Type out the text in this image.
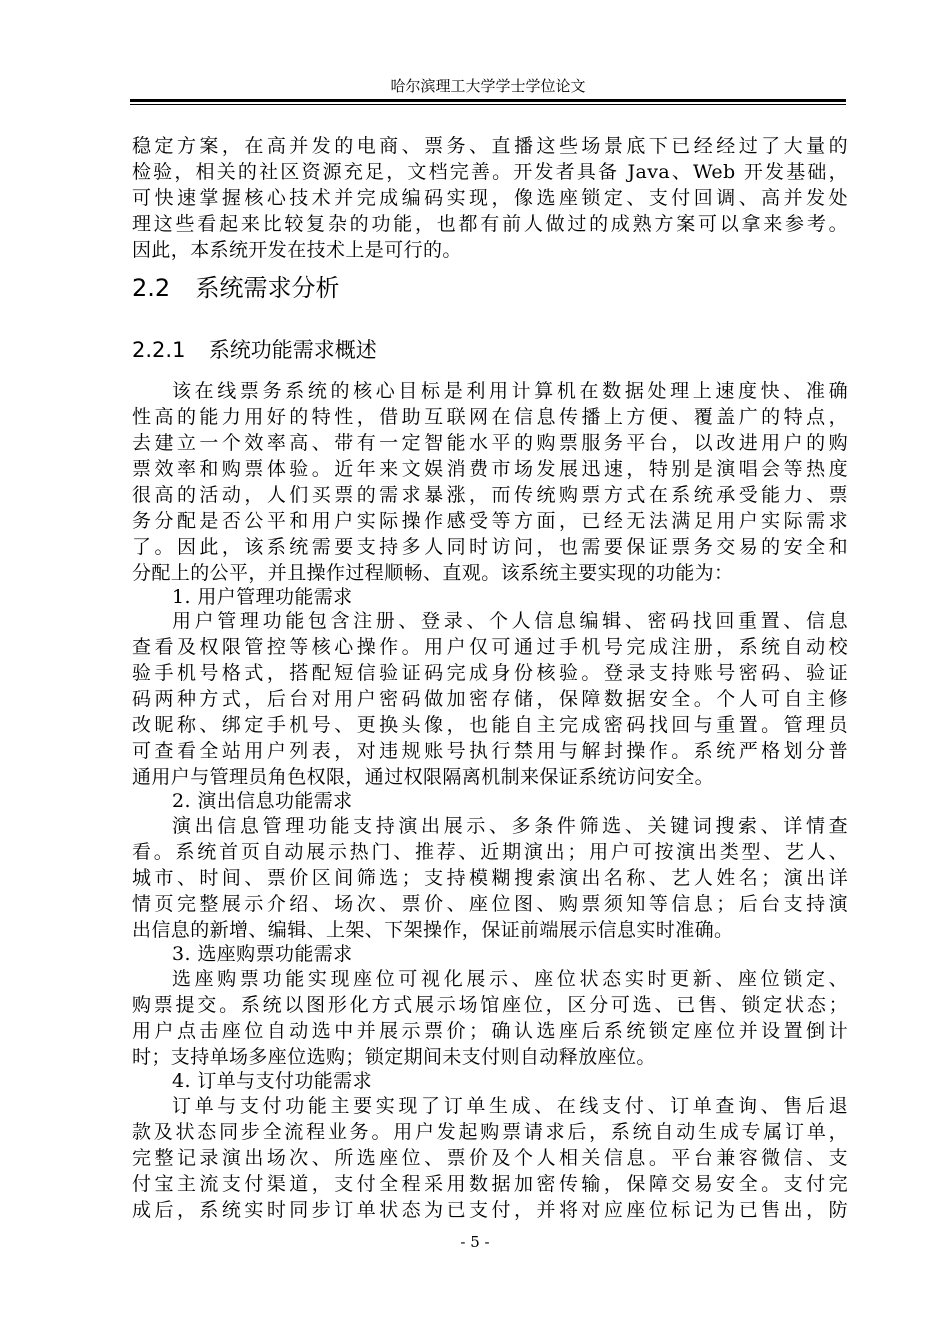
哈尔滨理工大学学士学位论文
稳定方案，在高并发的电商、票务、直播这些场景底下已经经过了大量的
检验，相关的社区资源充足，文档完善。开发者具备 Java、Web 开发基础，
可快速掌握核心技术并完成编码实现，像选座锁定、支付回调、高并发处
理这些看起来比较复杂的功能，也都有前人做过的成熟方案可以拿来参考。
因此，本系统开发在技术上是可行的。
2.2 系统需求分析
2.2.1 系统功能需求概述
该在线票务系统的核心目标是利用计算机在数据处理上速度快、准确
性高的能力用好的特性，借助互联网在信息传播上方便、覆盖广的特点，
去建立一个效率高、带有一定智能水平的购票服务平台，以改进用户的购
票效率和购票体验。近年来文娱消费市场发展迅速，特别是演唱会等热度
很高的活动，人们买票的需求暴涨，而传统购票方式在系统承受能力、票
务分配是否公平和用户实际操作感受等方面，已经无法满足用户实际需求
了。因此，该系统需要支持多人同时访问，也需要保证票务交易的安全和
分配上的公平，并且操作过程顺畅、直观。该系统主要实现的功能为：
1. 用户管理功能需求
用户管理功能包含注册、登录、个人信息编辑、密码找回重置、信息
查看及权限管控等核心操作。用户仅可通过手机号完成注册，系统自动校
验手机号格式，搭配短信验证码完成身份核验。登录支持账号密码、验证
码两种方式，后台对用户密码做加密存储，保障数据安全。个人可自主修
改昵称、绑定手机号、更换头像，也能自主完成密码找回与重置。管理员
可查看全站用户列表，对违规账号执行禁用与解封操作。系统严格划分普
通用户与管理员角色权限，通过权限隔离机制来保证系统访问安全。
2. 演出信息功能需求
演出信息管理功能支持演出展示、多条件筛选、关键词搜索、详情查
看。系统首页自动展示热门、推荐、近期演出；用户可按演出类型、艺人、
城市、时间、票价区间筛选；支持模糊搜索演出名称、艺人姓名；演出详
情页完整展示介绍、场次、票价、座位图、购票须知等信息；后台支持演
出信息的新增、编辑、上架、下架操作，保证前端展示信息实时准确。
3. 选座购票功能需求
选座购票功能实现座位可视化展示、座位状态实时更新、座位锁定、
购票提交。系统以图形化方式展示场馆座位，区分可选、已售、锁定状态；
用户点击座位自动选中并展示票价；确认选座后系统锁定座位并设置倒计
时；支持单场多座位选购；锁定期间未支付则自动释放座位。
4. 订单与支付功能需求
订单与支付功能主要实现了订单生成、在线支付、订单查询、售后退
款及状态同步全流程业务。用户发起购票请求后，系统自动生成专属订单，
完整记录演出场次、所选座位、票价及个人相关信息。平台兼容微信、支
付宝主流支付渠道，支付全程采用数据加密传输，保障交易安全。支付完
成后，系统实时同步订单状态为已支付，并将对应座位标记为已售出，防
- 5 -
